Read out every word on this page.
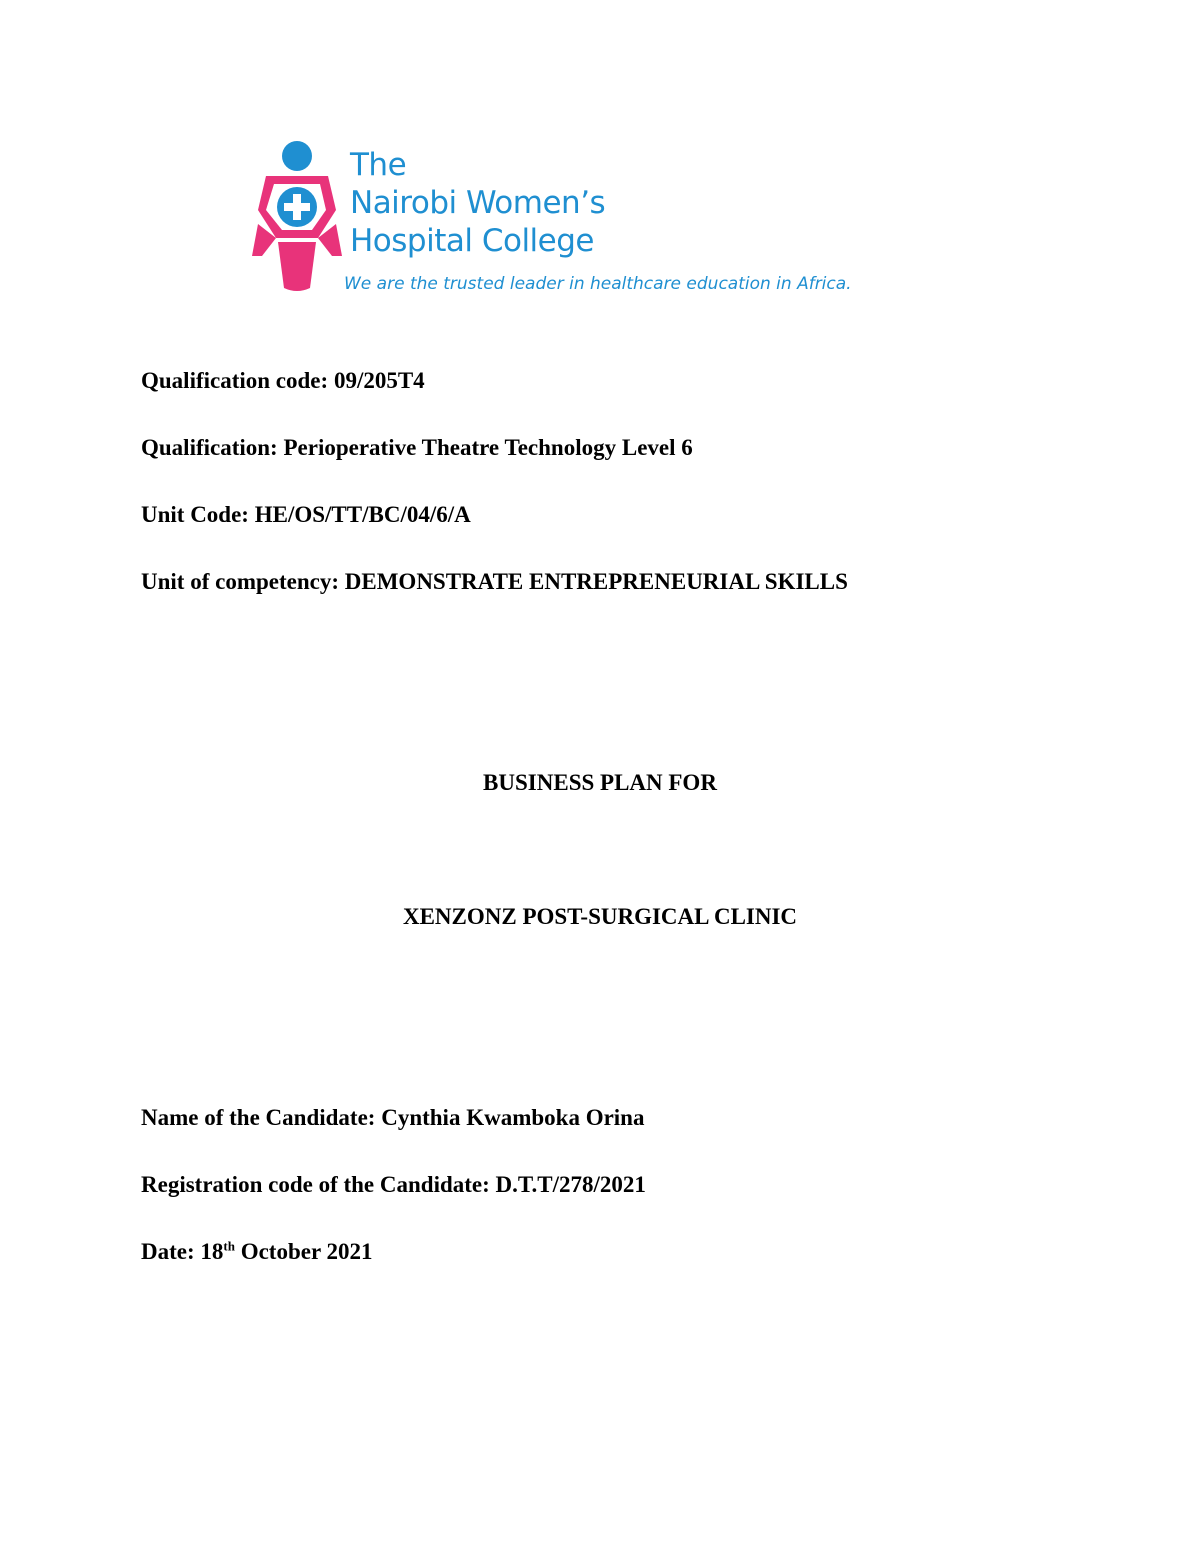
The
Nairobi Women’s
Hospital College
We are the trusted leader in healthcare education in Africa.
Qualification code: 09/205T4
Qualification: Perioperative Theatre Technology Level 6
Unit Code: HE/OS/TT/BC/04/6/A
Unit of competency: DEMONSTRATE ENTREPRENEURIAL SKILLS
BUSINESS PLAN FOR
XENZONZ POST-SURGICAL CLINIC
Name of the Candidate: Cynthia Kwamboka Orina
Registration code of the Candidate: D.T.T/278/2021
Date: 18th October 2021
